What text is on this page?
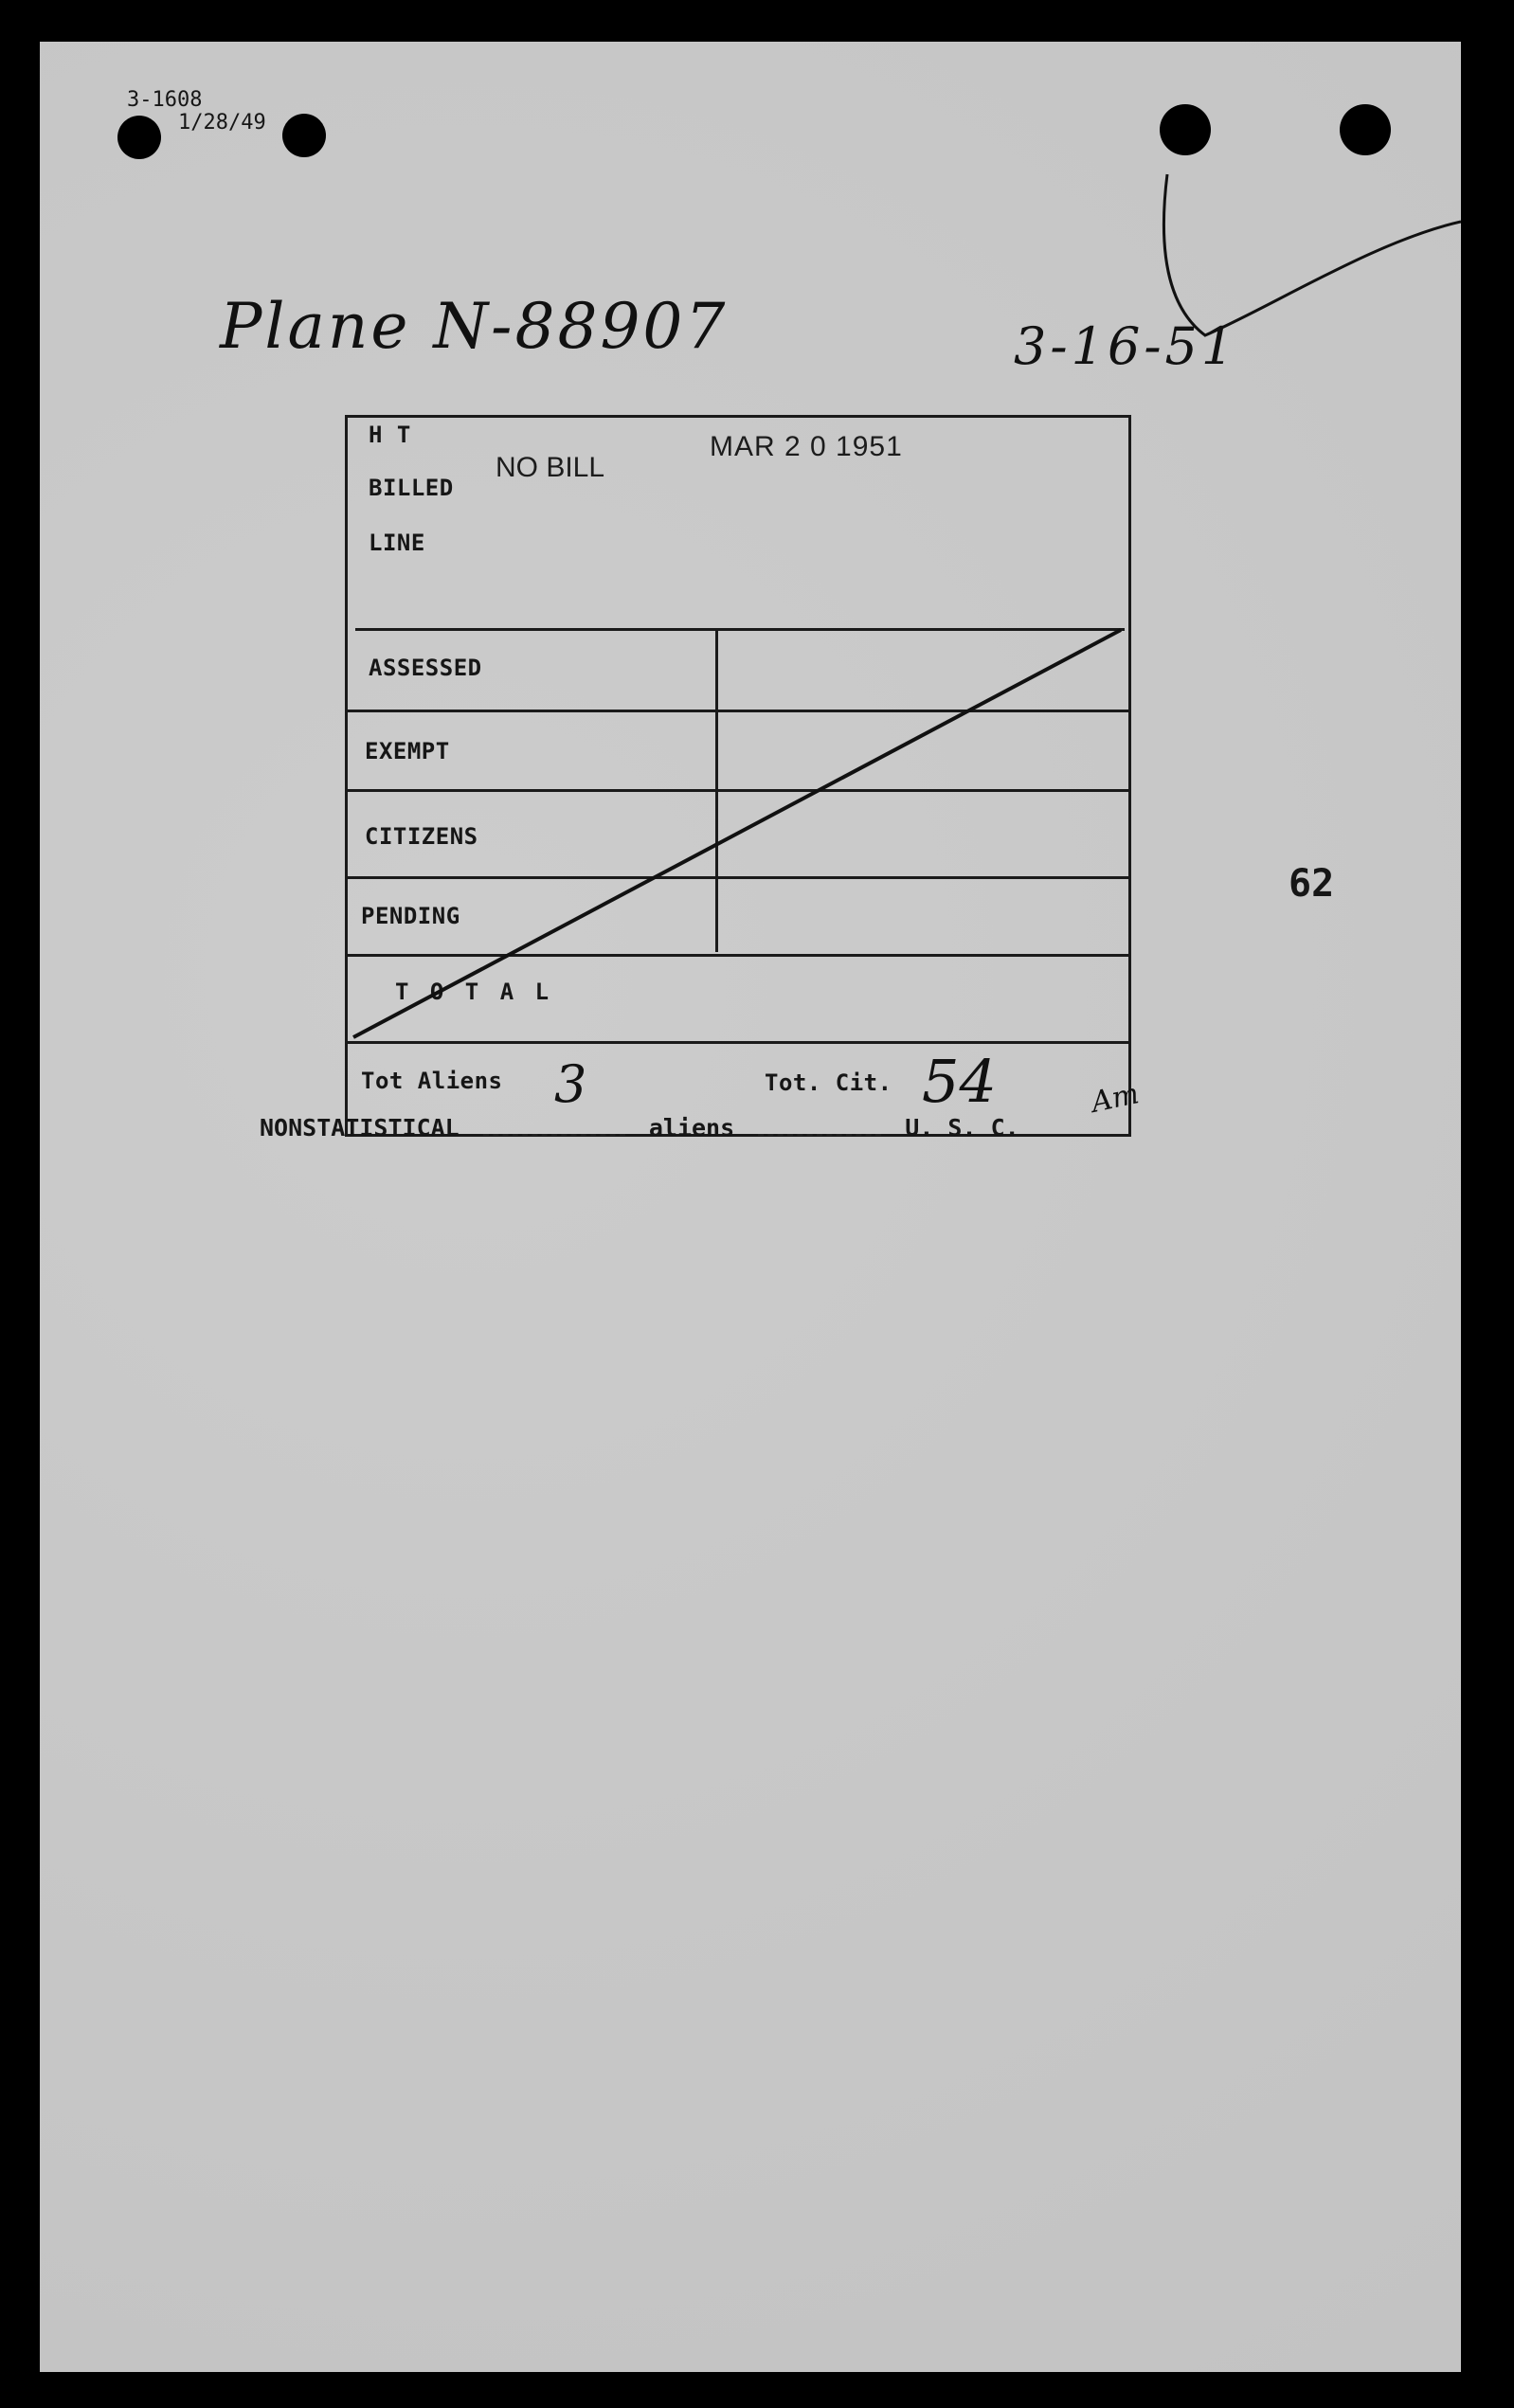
3-1608
1/28/49
Plane N-88907	3-16-51
H T
NO BILL
MAR 2 0 1951
BILLED
LINE
ASSESSED
EXEMPT
CITIZENS
PENDING
T O T A L
Tot Aliens 3	Tot. Cit. 54	Am
NONSTATISTICAL	aliens	U. S. C.
62
